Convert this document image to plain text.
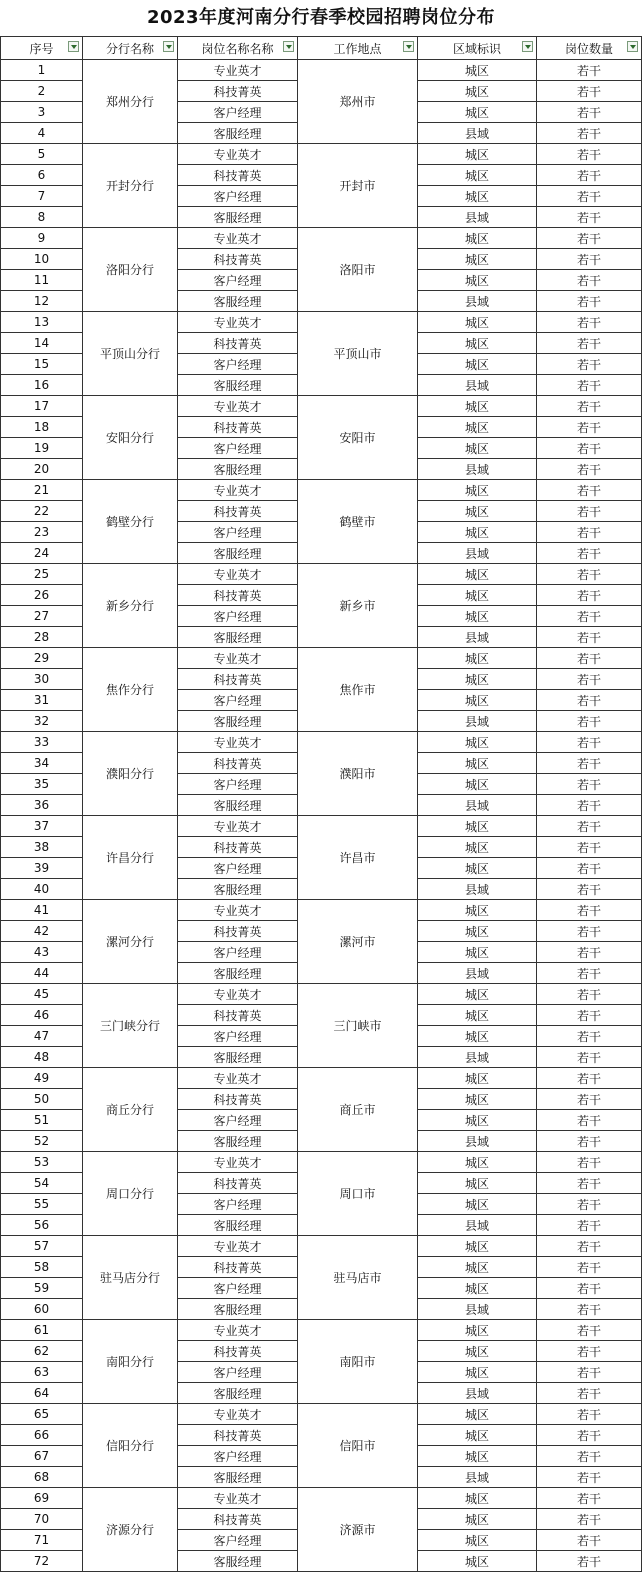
2023年度河南分行春季校园招聘岗位分布
序号	分行名称	岗位名称名称	工作地点	区域标识	岗位数量

1	郑州分行	专业英才	郑州市	城区	若干
2		科技菁英		城区	若干
3		客户经理		城区	若干
4		客服经理		县域	若干
5	开封分行	专业英才	开封市	城区	若干
6		科技菁英		城区	若干
7		客户经理		城区	若干
8		客服经理		县域	若干
9	洛阳分行	专业英才	洛阳市	城区	若干
10		科技菁英		城区	若干
11		客户经理		城区	若干
12		客服经理		县域	若干
13	平顶山分行	专业英才	平顶山市	城区	若干
14		科技菁英		城区	若干
15		客户经理		城区	若干
16		客服经理		县域	若干
17	安阳分行	专业英才	安阳市	城区	若干
18		科技菁英		城区	若干
19		客户经理		城区	若干
20		客服经理		县域	若干
21	鹤壁分行	专业英才	鹤壁市	城区	若干
22		科技菁英		城区	若干
23		客户经理		城区	若干
24		客服经理		县域	若干
25	新乡分行	专业英才	新乡市	城区	若干
26		科技菁英		城区	若干
27		客户经理		城区	若干
28		客服经理		县域	若干
29	焦作分行	专业英才	焦作市	城区	若干
30		科技菁英		城区	若干
31		客户经理		城区	若干
32		客服经理		县域	若干
33	濮阳分行	专业英才	濮阳市	城区	若干
34		科技菁英		城区	若干
35		客户经理		城区	若干
36		客服经理		县域	若干
37	许昌分行	专业英才	许昌市	城区	若干
38		科技菁英		城区	若干
39		客户经理		城区	若干
40		客服经理		县域	若干
41	漯河分行	专业英才	漯河市	城区	若干
42		科技菁英		城区	若干
43		客户经理		城区	若干
44		客服经理		县域	若干
45	三门峡分行	专业英才	三门峡市	城区	若干
46		科技菁英		城区	若干
47		客户经理		城区	若干
48		客服经理		县域	若干
49	商丘分行	专业英才	商丘市	城区	若干
50		科技菁英		城区	若干
51		客户经理		城区	若干
52		客服经理		县域	若干
53	周口分行	专业英才	周口市	城区	若干
54		科技菁英		城区	若干
55		客户经理		城区	若干
56		客服经理		县域	若干
57	驻马店分行	专业英才	驻马店市	城区	若干
58		科技菁英		城区	若干
59		客户经理		城区	若干
60		客服经理		县域	若干
61	南阳分行	专业英才	南阳市	城区	若干
62		科技菁英		城区	若干
63		客户经理		城区	若干
64		客服经理		县域	若干
65	信阳分行	专业英才	信阳市	城区	若干
66		科技菁英		城区	若干
67		客户经理		城区	若干
68		客服经理		县域	若干
69	济源分行	专业英才	济源市	城区	若干
70		科技菁英		城区	若干
71		客户经理		城区	若干
72		客服经理		城区	若干
